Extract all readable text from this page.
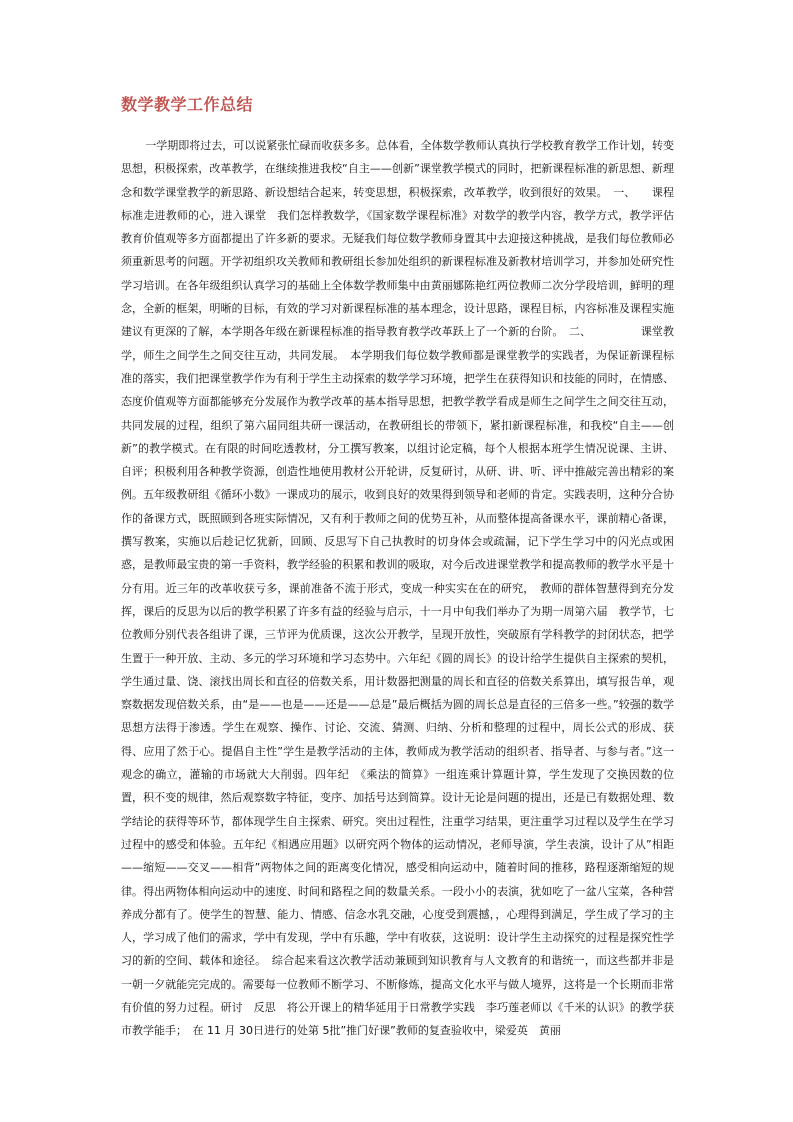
数学教学工作总结

一学期即将过去，可以说紧张忙碌而收获多多。总体看，全体数学教师认真执行学校教育教学工作计划，转变思想，积极探索，改革教学，在继续推进我校“自主——创新”课堂教学模式的同时，把新课程标准的新思想、新理念和数学课堂教学的新思路、新设想结合起来，转变思想，积极探索，改革教学，收到很好的效果。　一、　　课程标准走进教师的心，进入课堂　我们怎样教数学，《国家数学课程标准》对数学的教学内容，教学方式，教学评估教育价值观等多方面都提出了许多新的要求。无疑我们每位数学教师身置其中去迎接这种挑战，是我们每位教师必须重新思考的问题。开学初组织攻关教师和教研组长参加处组织的新课程标准及新教材培训学习，并参加处研究性学习培训。在各年级组织认真学习的基础上全体数学教师集中由黄丽娜陈艳红两位教师二次分学段培训，鲜明的理念，全新的框架，明晰的目标，有效的学习对新课程标准的基本理念，设计思路，课程目标，内容标准及课程实施建议有更深的了解，本学期各年级在新课程标准的指导教育教学改革跃上了一个新的台阶。　二、　　　　　课堂教学，师生之间学生之间交往互动，共同发展。　本学期我们每位数学教师都是课堂教学的实践者，为保证新课程标准的落实，我们把课堂教学作为有利于学生主动探索的数学学习环境，把学生在获得知识和技能的同时，在情感、态度价值观等方面都能够充分发展作为教学改革的基本指导思想，把教学教学看成是师生之间学生之间交往互动，共同发展的过程，组织了第六届同组共研一课活动，在教研组长的带领下，紧扣新课程标准，和我校“自主——创新”的教学模式。在有限的时间吃透教材，分工撰写教案，以组讨论定稿，每个人根据本班学生情况说课、主讲、自评；积极利用各种教学资源，创造性地使用教材公开轮讲，反复研讨，从研、讲、听、评中推敲完善出精彩的案例。五年级教研组《循环小数》一课成功的展示，收到良好的效果得到领导和老师的肯定。实践表明，这种分合协作的备课方式，既照顾到各班实际情况，又有利于教师之间的优势互补，从而整体提高备课水平，课前精心备课，撰写教案，实施以后趁记忆犹新，回顾、反思写下自己执教时的切身体会或疏漏，记下学生学习中的闪光点或困惑，是教师最宝贵的第一手资料，教学经验的积累和教训的吸取，对今后改进课堂教学和提高教师的教学水平是十分有用。近三年的改革收获亏多，课前准备不流于形式，变成一种实实在在的研究，　教师的群体智慧得到充分发挥，课后的反思为以后的教学积累了许多有益的经验与启示，十一月中旬我们举办了为期一周第六届　教学节，七位教师分别代表各组讲了课，三节评为优质课，这次公开教学，呈现开放性，突破原有学科教学的封闭状态，把学生置于一种开放、主动、多元的学习环境和学习态势中。六年纪《圆的周长》的设计给学生提供自主探索的契机，学生通过量、饶、滚找出周长和直径的倍数关系，用计数器把测量的周长和直径的倍数关系算出，填写报告单，观察数据发现倍数关系，由“是——也是——还是——总是”最后概括为圆的周长总是直径的三倍多一些。”较强的数学思想方法得于渗透。学生在观察、操作、讨论、交流、猜测、归纳、分析和整理的过程中，周长公式的形成、获得、应用了然于心。提倡自主性”学生是教学活动的主体，教师成为教学活动的组织者、指导者、与参与者。”这一观念的确立，灌输的市场就大大削弱。四年纪　《乘法的简算》一组连乘计算题计算，学生发现了交换因数的位置，积不变的规律，然后观察数字特征，变序、加括号达到简算。设计无论是问题的提出，还是已有数据处理、数学结论的获得等环节，都体现学生自主探索、研究。突出过程性，注重学习结果，更注重学习过程以及学生在学习过程中的感受和体验。五年纪《相遇应用题》以研究两个物体的运动情况，老师导演，学生表演，设计了从”相距——缩短——交叉——相背”两物体之间的距离变化情况，感受相向运动中，随着时间的推移，路程逐渐缩短的规律。得出两物体相向运动中的速度、时间和路程之间的数量关系。一段小小的表演，犹如吃了一盆八宝菜，各种营养成分都有了。使学生的智慧、能力、情感、信念水乳交融，心度受到震撼，，心理得到满足，学生成了学习的主人，学习成了他们的需求，学中有发现，学中有乐趣，学中有收获，这说明：设计学生主动探究的过程是探究性学习的新的空间、载体和途径。　综合起来看这次教学活动兼顾到知识教育与人文教育的和谐统一，而这些都并非是一朝一夕就能完完成的。需要每一位教师不断学习、不断修炼，提高文化水平与做人境界，这将是一个长期而非常有价值的努力过程。研讨　反思　将公开课上的精华延用于日常教学实践　李巧莲老师以《千米的认识》的教学获市教学能手；　在 11 月 30日进行的处第 5批”推门好课”教师的复查验收中，梁爱英　黄丽
